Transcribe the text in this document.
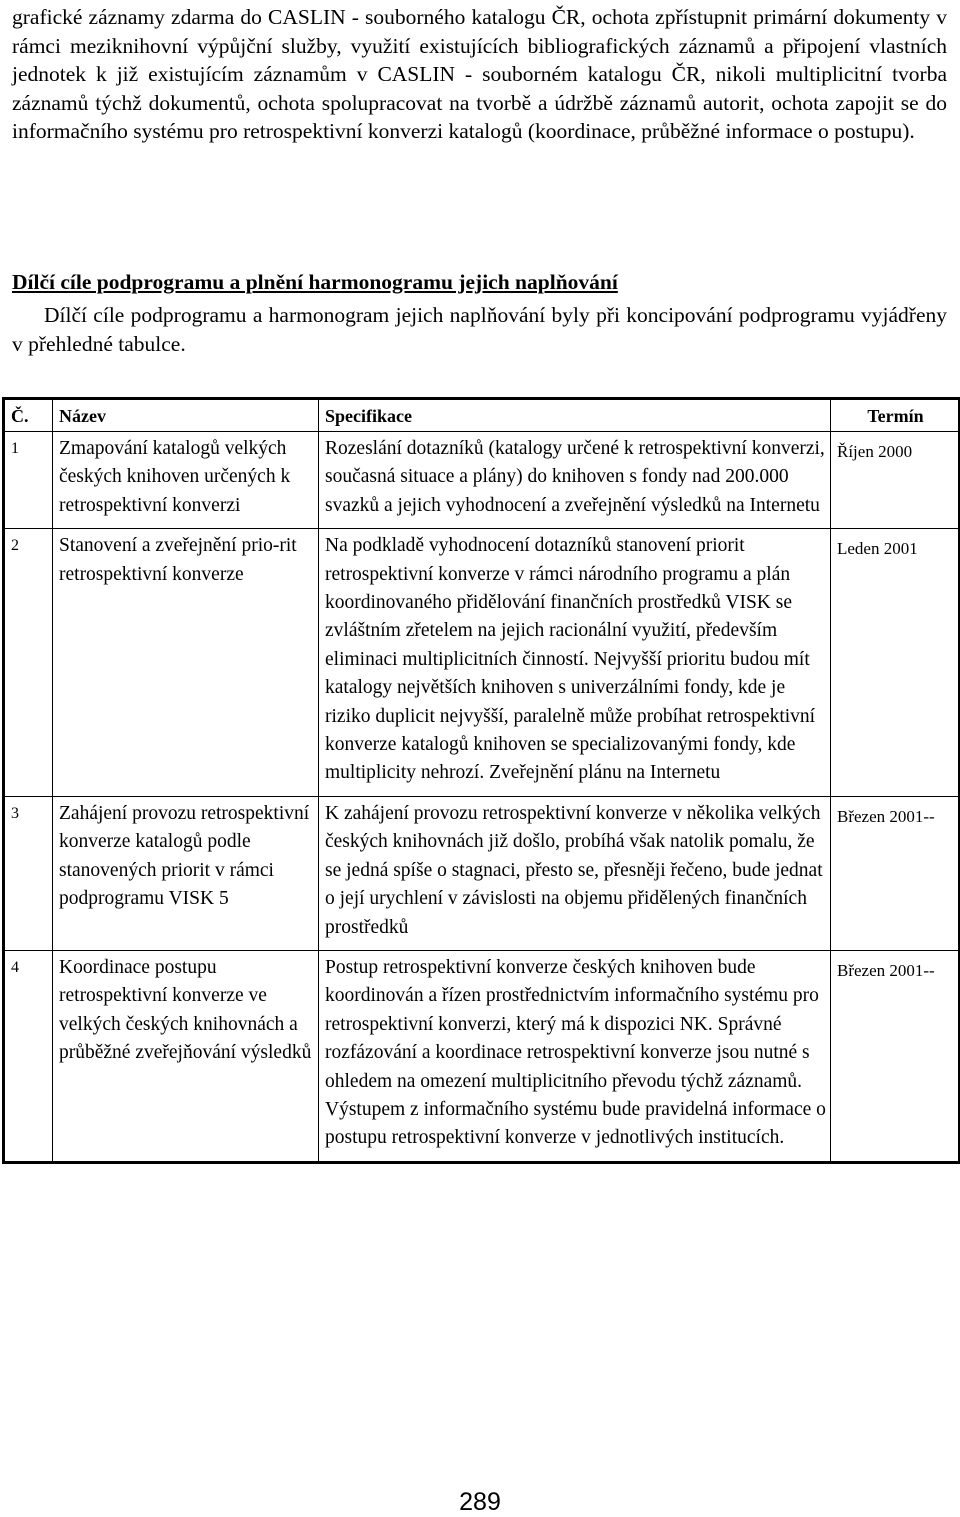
grafické záznamy zdarma do CASLIN - souborného katalogu ČR, ochota zpřístupnit primární dokumenty v rámci meziknihovní výpůjční služby, využití existujících bibliografických záznamů a připojení vlastních jednotek k již existujícím záznamům v CASLIN - souborném katalogu ČR, nikoli multiplicitní tvorba záznamů týchž dokumentů, ochota spolupracovat na tvorbě a údržbě záznamů autorit, ochota zapojit se do informačního systému pro retrospektivní konverzi katalogů (koordinace, průběžné informace o postupu).
Dílčí cíle podprogramu a plnění harmonogramu jejich naplňování
Dílčí cíle podprogramu a harmonogram jejich naplňování byly při koncipování podprogramu vyjádřeny v přehledné tabulce.
Č.	Název	Specifikace	Termín
1	Zmapování katalogů velkých českých knihoven určených k retrospektivní konverzi	Rozeslání dotazníků (katalogy určené k retrospektivní konverzi, současná situace a plány) do knihoven s fondy nad 200.000 svazků a jejich vyhodnocení a zveřejnění výsledků na Internetu	Říjen 2000
2	Stanovení a zveřejnění prio-rit retrospektivní konverze	Na podkladě vyhodnocení dotazníků stanovení priorit retrospektivní konverze v rámci národního programu a plán koordinovaného přidělování finančních prostředků VISK se zvláštním zřetelem na jejich racionální využití, především eliminaci multiplicitních činností. Nejvyšší prioritu budou mít katalogy největších knihoven s univerzálními fondy, kde je riziko duplicit nejvyšší, paralelně může probíhat retrospektivní konverze katalogů knihoven se specializovanými fondy, kde multiplicity nehrozí. Zveřejnění plánu na Internetu	Leden 2001
3	Zahájení provozu retrospektivní konverze katalogů podle stanovených priorit v rámci podprogramu VISK 5	K zahájení provozu retrospektivní konverze v několika velkých českých knihovnách již došlo, probíhá však natolik pomalu, že se jedná spíše o stagnaci, přesto se, přesněji řečeno, bude jednat o její urychlení v závislosti na objemu přidělených finančních prostředků	Březen 2001--
4	Koordinace postupu retrospektivní konverze ve velkých českých knihovnách a průběžné zveřejňování výsledků	Postup retrospektivní konverze českých knihoven bude koordinován a řízen prostřednictvím informačního systému pro retrospektivní konverzi, který má k dispozici NK. Správné rozfázování a koordinace retrospektivní konverze jsou nutné s ohledem na omezení multiplicitního převodu týchž záznamů. Výstupem z informačního systému bude pravidelná informace o postupu retrospektivní konverze v jednotlivých institucích.	Březen 2001--
289
